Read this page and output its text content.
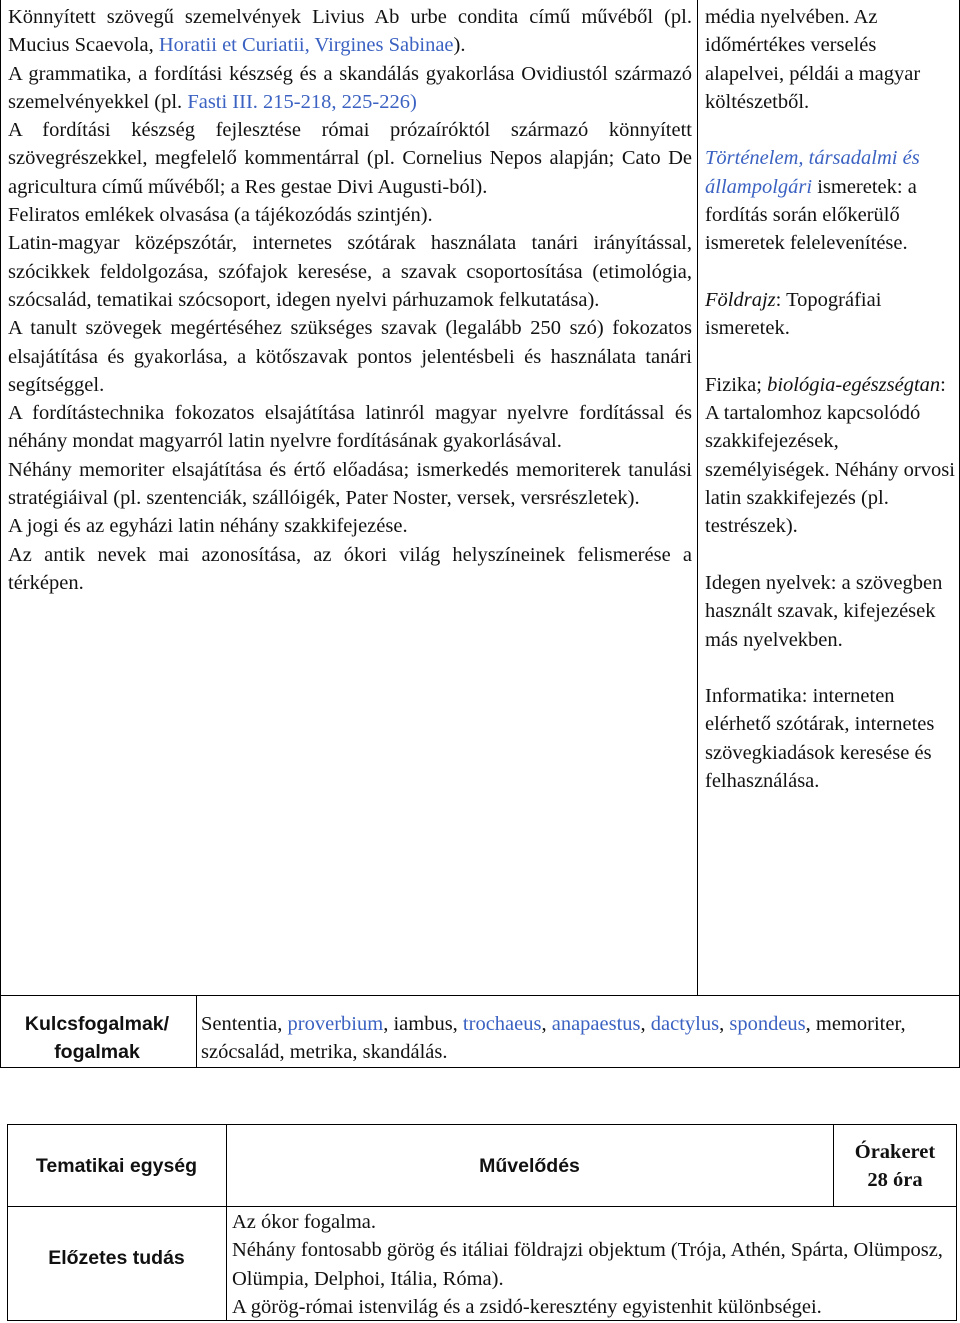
Könnyített szövegű szemelvények Livius Ab urbe condita című művéből (pl. Mucius Scaevola, Horatii et Curiatii, Virgines Sabinae).

A grammatika, a fordítási készség és a skandálás gyakorlása Ovidiustól származó szemelvényekkel (pl. Fasti III. 215-218, 225-226)

A fordítási készség fejlesztése római prózaíróktól származó könnyített szövegrészekkel, megfelelő kommentárral (pl. Cornelius Nepos alapján; Cato De agricultura című művéből; a Res gestae Divi Augusti-ból).

Feliratos emlékek olvasása (a tájékozódás szintjén).

Latin-magyar középszótár, internetes szótárak használata tanári irányítással, szócikkek feldolgozása, szófajok keresése, a szavak csoportosítása (etimológia, szócsalád, tematikai szócsoport, idegen nyelvi párhuzamok felkutatása).

A tanult szövegek megértéséhez szükséges szavak (legalább 250 szó) fokozatos elsajátítása és gyakorlása, a kötőszavak pontos jelentésbeli és használata tanári segítséggel.

A fordítástechnika fokozatos elsajátítása latinról magyar nyelvre fordítással és néhány mondat magyarról latin nyelvre fordításának gyakorlásával.

Néhány memoriter elsajátítása és értő előadása; ismerkedés memoriterek tanulási stratégiáival (pl. szentenciák, szállóigék, Pater Noster, versek, versrészletek).

A jogi és az egyházi latin néhány szakkifejezése.

Az antik nevek mai azonosítása, az ókori világ helyszíneinek felismerése a térképen.

média nyelvében. Az időmértékes verselés alapelvei, példái a magyar költészetből.

Történelem, társadalmi és állampolgári ismeretek: a fordítás során előkerülő ismeretek felelevenítése.

Földrajz: Topográfiai ismeretek.

Fizika; biológia-egészségtan: A tartalomhoz kapcsolódó szakkifejezések, személyiségek. Néhány orvosi latin szakkifejezés (pl. testrészek).

Idegen nyelvek: a szövegben használt szavak, kifejezések más nyelvekben.

Informatika: interneten elérhető szótárak, internetes szövegkiadások keresése és felhasználása.

Kulcsfogalmak/ fogalmak
Sententia, proverbium, iambus, trochaeus, anapaestus, dactylus, spondeus, memoriter, szócsalád, metrika, skandálás.
Tematikai egység	Művelődés
Órakeret
28 óra
Előzetes tudás

Az ókor fogalma.

Néhány fontosabb görög és itáliai földrajzi objektum (Trója, Athén, Spárta, Olümposz, Olümpia, Delphoi, Itália, Róma).

A görög-római istenvilág és a zsidó-keresztény egyistenhit különbségei.
